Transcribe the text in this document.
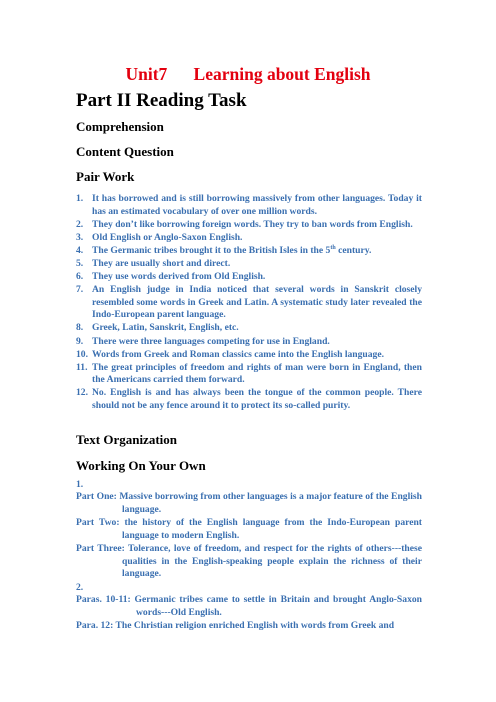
Unit7      Learning about English
Part II Reading Task
Comprehension
Content Question
Pair Work
1. It has borrowed and is still borrowing massively from other languages. Today it has an estimated vocabulary of over one million words.
2. They don’t like borrowing foreign words. They try to ban words from English.
3. Old English or Anglo-Saxon English.
4. The Germanic tribes brought it to the British Isles in the 5th century.
5. They are usually short and direct.
6. They use words derived from Old English.
7. An English judge in India noticed that several words in Sanskrit closely resembled some words in Greek and Latin. A systematic study later revealed the Indo-European parent language.
8. Greek, Latin, Sanskrit, English, etc.
9. There were three languages competing for use in England.
10. Words from Greek and Roman classics came into the English language.
11. The great principles of freedom and rights of man were born in England, then the Americans carried them forward.
12. No. English is and has always been the tongue of the common people. There should not be any fence around it to protect its so-called purity.
Text Organization
Working On Your Own
1.
Part One: Massive borrowing from other languages is a major feature of the English language.
Part Two: the history of the English language from the Indo-European parent language to modern English.
Part Three: Tolerance, love of freedom, and respect for the rights of others---these qualities in the English-speaking people explain the richness of their language.
2.
Paras. 10-11: Germanic tribes came to settle in Britain and brought Anglo-Saxon words---Old English.
Para. 12: The Christian religion enriched English with words from Greek and
